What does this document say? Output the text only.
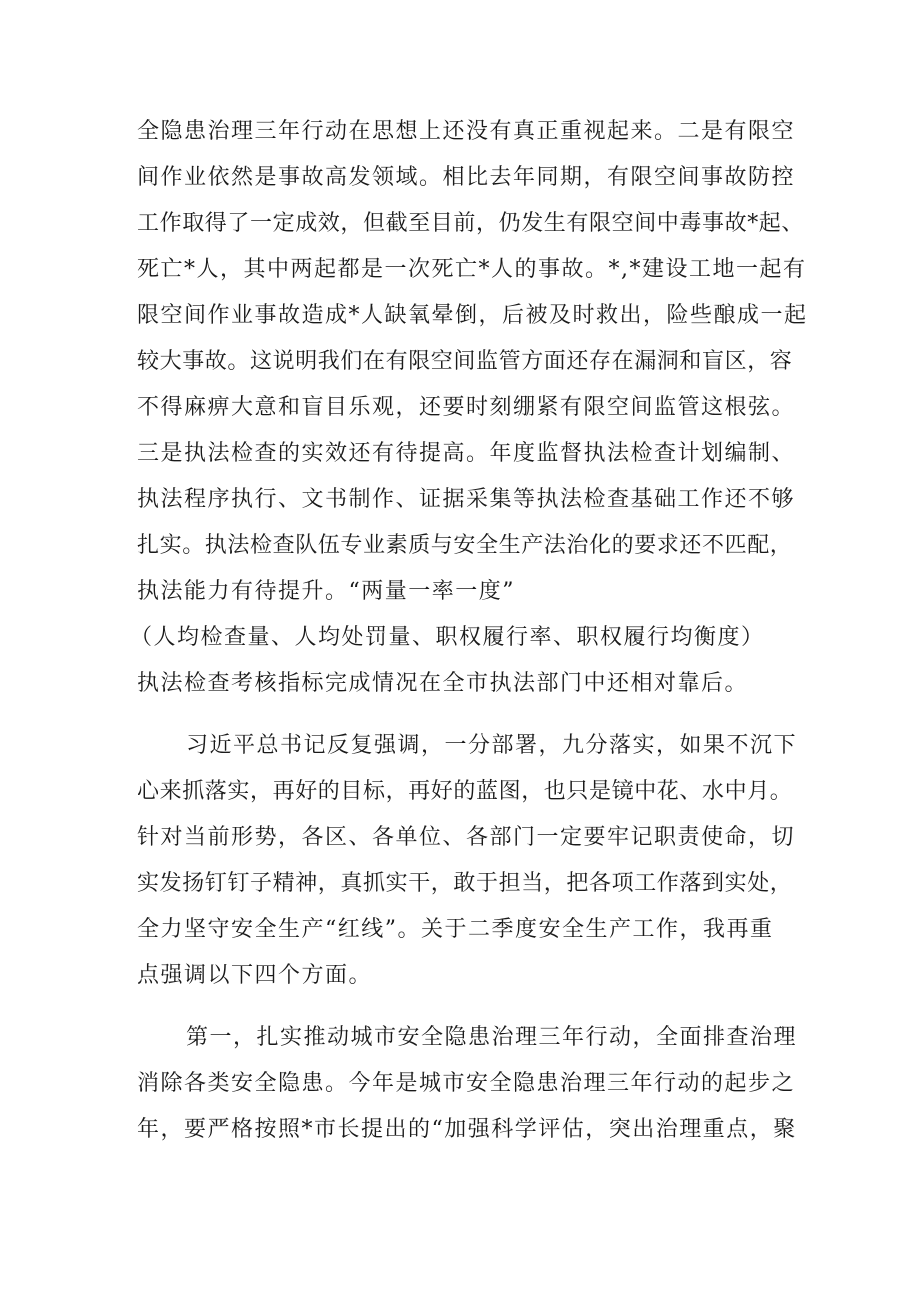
全隐患治理三年行动在思想上还没有真正重视起来。二是有限空
间作业依然是事故高发领域。相比去年同期，有限空间事故防控
工作取得了一定成效，但截至目前，仍发生有限空间中毒事故*起、
死亡*人，其中两起都是一次死亡*人的事故。*,*建设工地一起有
限空间作业事故造成*人缺氧晕倒，后被及时救出，险些酿成一起
较大事故。这说明我们在有限空间监管方面还存在漏洞和盲区，容
不得麻痹大意和盲目乐观，还要时刻绷紧有限空间监管这根弦。
三是执法检查的实效还有待提高。年度监督执法检查计划编制、
执法程序执行、文书制作、证据采集等执法检查基础工作还不够
扎实。执法检查队伍专业素质与安全生产法治化的要求还不匹配，
执法能力有待提升。“两量一率一度”
（人均检查量、人均处罚量、职权履行率、职权履行均衡度）
执法检查考核指标完成情况在全市执法部门中还相对靠后。
习近平总书记反复强调，一分部署，九分落实，如果不沉下
心来抓落实，再好的目标，再好的蓝图，也只是镜中花、水中月。
针对当前形势，各区、各单位、各部门一定要牢记职责使命，切
实发扬钉钉子精神，真抓实干，敢于担当，把各项工作落到实处，
全力坚守安全生产“红线”。关于二季度安全生产工作，我再重
点强调以下四个方面。
第一，扎实推动城市安全隐患治理三年行动，全面排查治理
消除各类安全隐患。今年是城市安全隐患治理三年行动的起步之
年，要严格按照*市长提出的“加强科学评估，突出治理重点，聚
